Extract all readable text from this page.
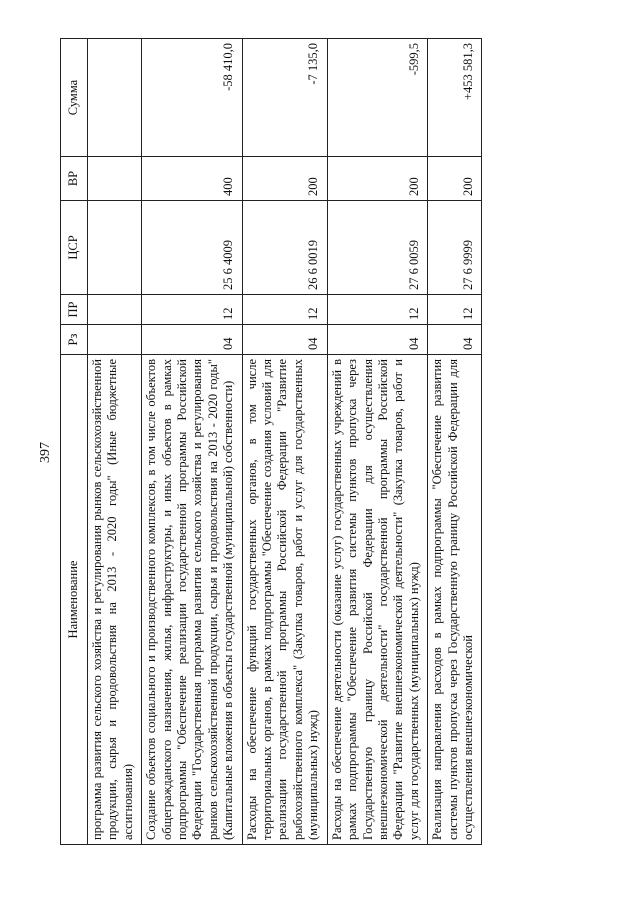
397
Наименование	Рз	ПР	ЦСР	ВР	Сумма
программа развития сельского хозяйства и регулирования рынков сельскохозяйственной продукции, сырья и продовольствия на 2013 - 2020 годы" (Иные бюджетные ассигнования)					
Создание объектов социального и производственного комплексов, в том числе объектов общегражданского назначения, жилья, инфраструктуры, и иных объектов в рамках подпрограммы "Обеспечение реализации государственной программы Российской Федерации "Государственная программа развития сельского хозяйства и регулирования рынков сельскохозяйственной продукции, сырья и продовольствия на 2013 - 2020 годы" (Капитальные вложения в объекты государственной (муниципальной) собственности)	04	12	25 6 4009	400	-58 410,0
Расходы на обеспечение функций государственных органов, в том числе территориальных органов, в рамках подпрограммы "Обеспечение создания условий для реализации государственной программы Российской Федерации "Развитие рыбохозяйственного комплекса" (Закупка товаров, работ и услуг для государственных (муниципальных) нужд)	04	12	26 6 0019	200	-7 135,0
Расходы на обеспечение деятельности (оказание услуг) государственных учреждений в рамках подпрограммы "Обеспечение развития системы пунктов пропуска через Государственную границу Российской Федерации для осуществления внешнеэкономической деятельности" государственной программы Российской Федерации "Развитие внешнеэкономической деятельности" (Закупка товаров, работ и услуг для государственных (муниципальных) нужд)	04	12	27 6 0059	200	-599,5
Реализация направления расходов в рамках подпрограммы "Обеспечение развития системы пунктов пропуска через Государственную границу Российской Федерации для осуществления внешнеэкономической	04	12	27 6 9999	200	+453 581,3
